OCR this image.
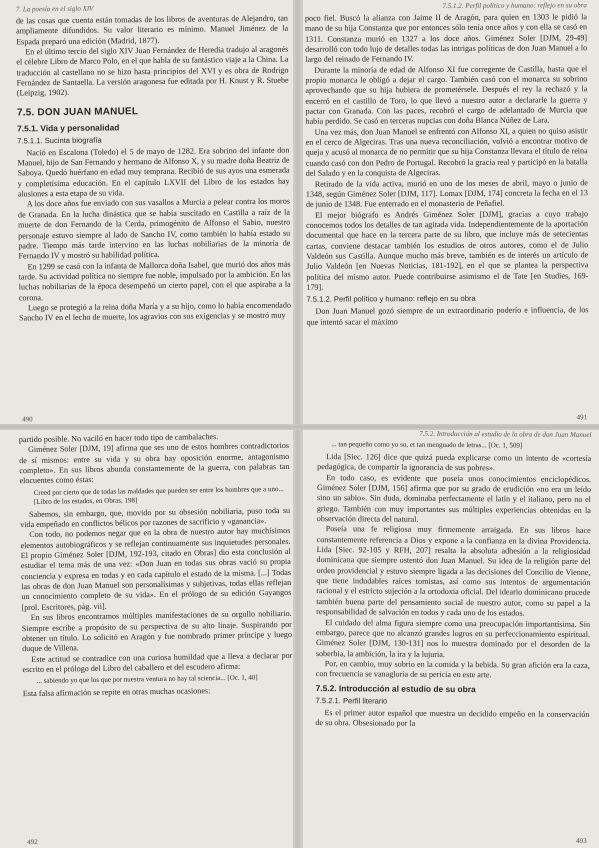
7. La poesía en el siglo XIV

de las cosas que cuenta están tomadas de los libros de aventuras de Alejandro, tan ampliamente difundidos. Su valor literario es mínimo. Manuel Jiménez de la Espada preparó una edición (Madrid, 1877).

En el último tercio del siglo XIV Juan Fernández de Heredia tradujo al aragonés el célebre Libro de Marco Polo, en el que habla de su fantástico viaje a la China. La traducción al castellano no se hizo hasta principios del XVI y es obra de Rodrigo Fernández de Santaella. La versión aragonesa fue editada por H. Knust y R. Stuebe (Leipzig, 1902).

7.5. DON JUAN MANUEL
7.5.1. Vida y personalidad
7.5.1.1. Sucinta biografía

Nació en Escalona (Toledo) el 5 de mayo de 1282. Era sobrino del infante don Manuel, hijo de San Fernando y hermano de Alfonso X, y su madre doña Beatriz de Saboya. Quedó huérfano en edad muy temprana. Recibió de sus ayos una esmerada y completísima educación. En el capítulo LXVII del Libro de los estados hay alusiones a esta etapa de su vida.

A los doce años fue enviado con sus vasallos a Murcia a pelear contra los moros de Granada. En la lucha dinástica que se había suscitado en Castilla a raíz de la muerte de don Fernando de la Cerda, primogénito de Alfonso el Sabio, nuestro personaje estuvo siempre al lado de Sancho IV, como también lo había estado su padre. Tiempo más tarde intervino en las luchas nobiliarias de la minoría de Fernando IV y mostró su habilidad política.

En 1299 se casó con la infanta de Mallorca doña Isabel, que murió dos años más tarde. Su actividad política no siempre fue noble, impulsado por la ambición. En las luchas nobiliarias de la época desempeñó un cierto papel, con el que aspiraba a la corona.

Luego se protegió a la reina doña María y a su hijo, como lo había encomendado Sancho IV en el lecho de muerte, los agravios con sus exigencias y se mostró muy

490
7.5.1.2. Perfil político y humano: reflejo en su obra

poco fiel. Buscó la alianza con Jaime II de Aragón, para quien en 1303 le pidió la mano de su hija Constanza que por entonces sólo tenía once años y con ella se casó en 1311. Constanza murió en 1327 a los doce años. Giménez Soler [DJM, 29-49] desarrolló con todo lujo de detalles todas las intrigas políticas de don Juan Manuel a lo largo del reinado de Fernando IV.

Durante la minoría de edad de Alfonso XI fue corregente de Castilla, hasta que el propio monarca le obligó a dejar el cargo. También casó con el monarca su sobrino aprovechando que su hija hubiera de prometérsele. Después el rey la rechazó y la encerró en el castillo de Toro, lo que llevó a nuestro autor a declararle la guerra y pactar con Granada. Con las paces, recobró el cargo de adelantado de Murcia que había perdido. Se casó en terceras nupcias con doña Blanca Núñez de Lara.

Una vez más, don Juan Manuel se enfrentó con Alfonso XI, a quien no quiso asistir en el cerco de Algeciras. Tras una nueva reconciliación, volvió a encontrar motivo de queja y acusó al monarca de no permitir que su hija Constanza llevara el título de reina cuando casó con don Pedro de Portugal. Recobró la gracia real y participó en la batalla del Salado y en la conquista de Algeciras.

Retirado de la vida activa, murió en uno de los meses de abril, mayo o junio de 1348, según Giménez Soler [DJM, 117]. Lomax [DJM, 174] concreta la fecha en el 13 de junio de 1348. Fue enterrado en el monasterio de Peñafiel.

El mejor biógrafo es Andrés Giménez Soler [DJM], gracias a cuyo trabajo conocemos todos los detalles de tan agitada vida. Independientemente de la aportación documental que hace en la tercera parte de su libro, que incluye más de setecientas cartas, conviene destacar también los estudios de otros autores, como el de Julio Valdeón sus Castilla. Aunque mucho más breve, también es de interés un artículo de Julio Valdeón [en Nuevas Noticias, 181-192], en el que se plantea la perspectiva política del mismo autor. Puede contribuirse asimismo el de Tate [en Studies, 169-179].

7.5.1.2. Perfil político y humano: reflejo en su obra

Don Juan Manuel gozó siempre de un extraordinario poderío e influencia, de los que intentó sacar el máximo

491

partido posible. No vaciló en hacer todo tipo de cambalaches.

Giménez Soler [DJM, 19] afirma que ses uno de estos hombres contradictorios de sí mismos: entre su vida y su obra hay oposición enorme, antagonismo completo». En sus libros abunda constantemente de la guerra, con palabras tan elocuentes como éstas:

Creed por cierto que de todas las maldades que pueden ser entre los hombres que a uno...[Libro de los estados, en Obras, 198]

Sabemos, sin embargo, que, movido por su obsesión nobiliaria, puso toda su vida empeñado en conflictos bélicos por razones de sacrificio y «ganancia».

Con todo, no podemos negar que en la obra de nuestro autor hay muchísimos elementos autobiográficos y se reflejan continuamente sus inquietudes personales. El propio Giménez Soler [DJM, 192-193, citado en Obras] dio esta conclusión al estudiar el tema más de una vez: «Don Juan en todas sus obras vació su propia conciencia y expresa en todas y en cada capítulo el estado de la misma. [...] Todas las obras de don Juan Manuel son personalísimas y subjetivas, todas ellas reflejan un conocimiento completo de su vida». En el prólogo de su edición Gayangos [prol. Escritores, pág. vii].

En sus libros encontramos múltiples manifestaciones de su orgullo nobiliario. Siempre escribe a propósito de su perspectiva de su alto linaje. Suspirando por obtener un título. Lo solicitó en Aragón y fue nombrado primer príncipe y luego duque de Villena.

Este actitud se contradice con una curiosa humildad que a lleva a declarar por escrito en el prólogo del Libro del caballero et del escudero afirma:

... sabiendo yo que los que por nuestra ventura no hay tal sciencia... [Oc. 1, 40]

Esta falsa afirmación se repite en otras muchas ocasiones:

492
7.5.2. Introducción al estudio de la obra de don Juan Manuel

... tan pequeño como yo so, et tan menguado de letras... [Oc. 1, 509]

Lida [Siec. 126] dice que quizá pueda explicarse como un intento de «cortesía pedagógica, de compartir la ignorancia de sus pobres».

En todo caso, es evidente que poseía unos conocimientos enciclopédicos. Giménez Soler [DJM, 156] afirma que por su grado de erudición «no era un leído sino un sabio». Sin duda, dominaba perfectamente el latín y el italiano, pero no el griego. También con muy importantes sus múltiples experiencias obtenidas en la observación directa del natural.

Poseía una fe religiosa muy firmemente arraigada. En sus libros hace constantemente referencia a Dios y expone a la confianza en la divina Providencia. Lida [Siec. 92-105 y RFH, 207] resalta la absoluta adhesión a la religiosidad dominicana que siempre ostentó don Juan Manuel. Su idea de la religión parte del orden providencial y estuvo siempre ligada a las decisiones del Concilio de Vienne, que tiene indudables raíces tomistas, así como sus intentos de argumentación racional y el estricto sujeción a la ortodoxia oficial. Del ideario dominicano procede también buena parte del pensamiento social de nuestro autor, como su papel a la responsabilidad de salvación en todos y cada uno de los estados.

El cuidado del alma figura siempre como una preocupación importantísima. Sin embargo, parece que no alcanzó grandes logros en su perfeccionamiento espiritual. Giménez Soler [DJM, 130-131] nos lo muestra dominado por el desorden de la soberbia, la ambición, la ira y la lujuria.

Por, en cambio, muy sobrio en la comida y la bebida. Su gran afición era la caza, con frecuencia se vanagloria de su pericia en este arte.

7.5.2. Introducción al estudio de su obra
7.5.2.1. Perfil literario

Es el primer autor español que muestra un decidido empeño en la conservación de su obra. Obsesionado por la

493
